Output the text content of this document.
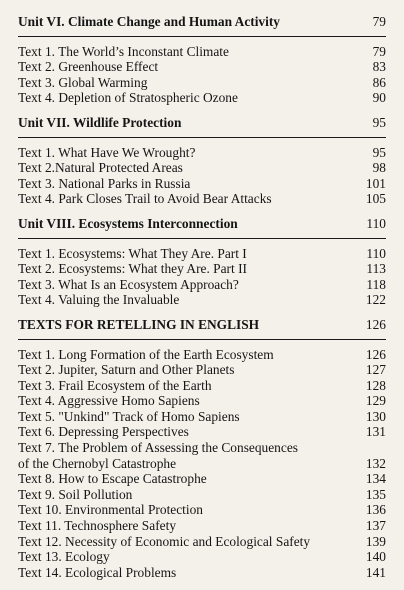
Unit VI. Climate Change and Human Activity	79
Text 1. The World’s Inconstant Climate	79
Text 2. Greenhouse Effect	83
Text 3. Global Warming	86
Text 4. Depletion of Stratospheric Ozone	90
Unit VII. Wildlife Protection	95
Text 1. What Have We Wrought?	95
Text 2.Natural Protected Areas	98
Text 3. National Parks in Russia	101
Text 4. Park Closes Trail to Avoid Bear Attacks	105
Unit VIII. Ecosystems Interconnection	110
Text 1. Ecosystems: What They Are. Part I	110
Text 2. Ecosystems: What they Are. Part II	113
Text 3. What Is an Ecosystem Approach?	118
Text 4. Valuing the Invaluable	122
TEXTS FOR RETELLING IN ENGLISH	126
Text 1. Long Formation of the Earth Ecosystem	126
Text 2. Jupiter, Saturn and Other Planets	127
Text 3. Frail Ecosystem of the Earth	128
Text 4. Aggressive Homo Sapiens	129
Text 5. "Unkind" Track of Homo Sapiens	130
Text 6. Depressing Perspectives	131
Text 7. The Problem of Assessing the Consequences
of the Chernobyl Catastrophe	132
Text 8. How to Escape Catastrophe	134
Text 9. Soil Pollution	135
Text 10. Environmental Protection	136
Text 11. Technosphere Safety	137
Text 12. Necessity of Economic and Ecological Safety	139
Text 13. Ecology	140
Text 14. Ecological Problems	141
